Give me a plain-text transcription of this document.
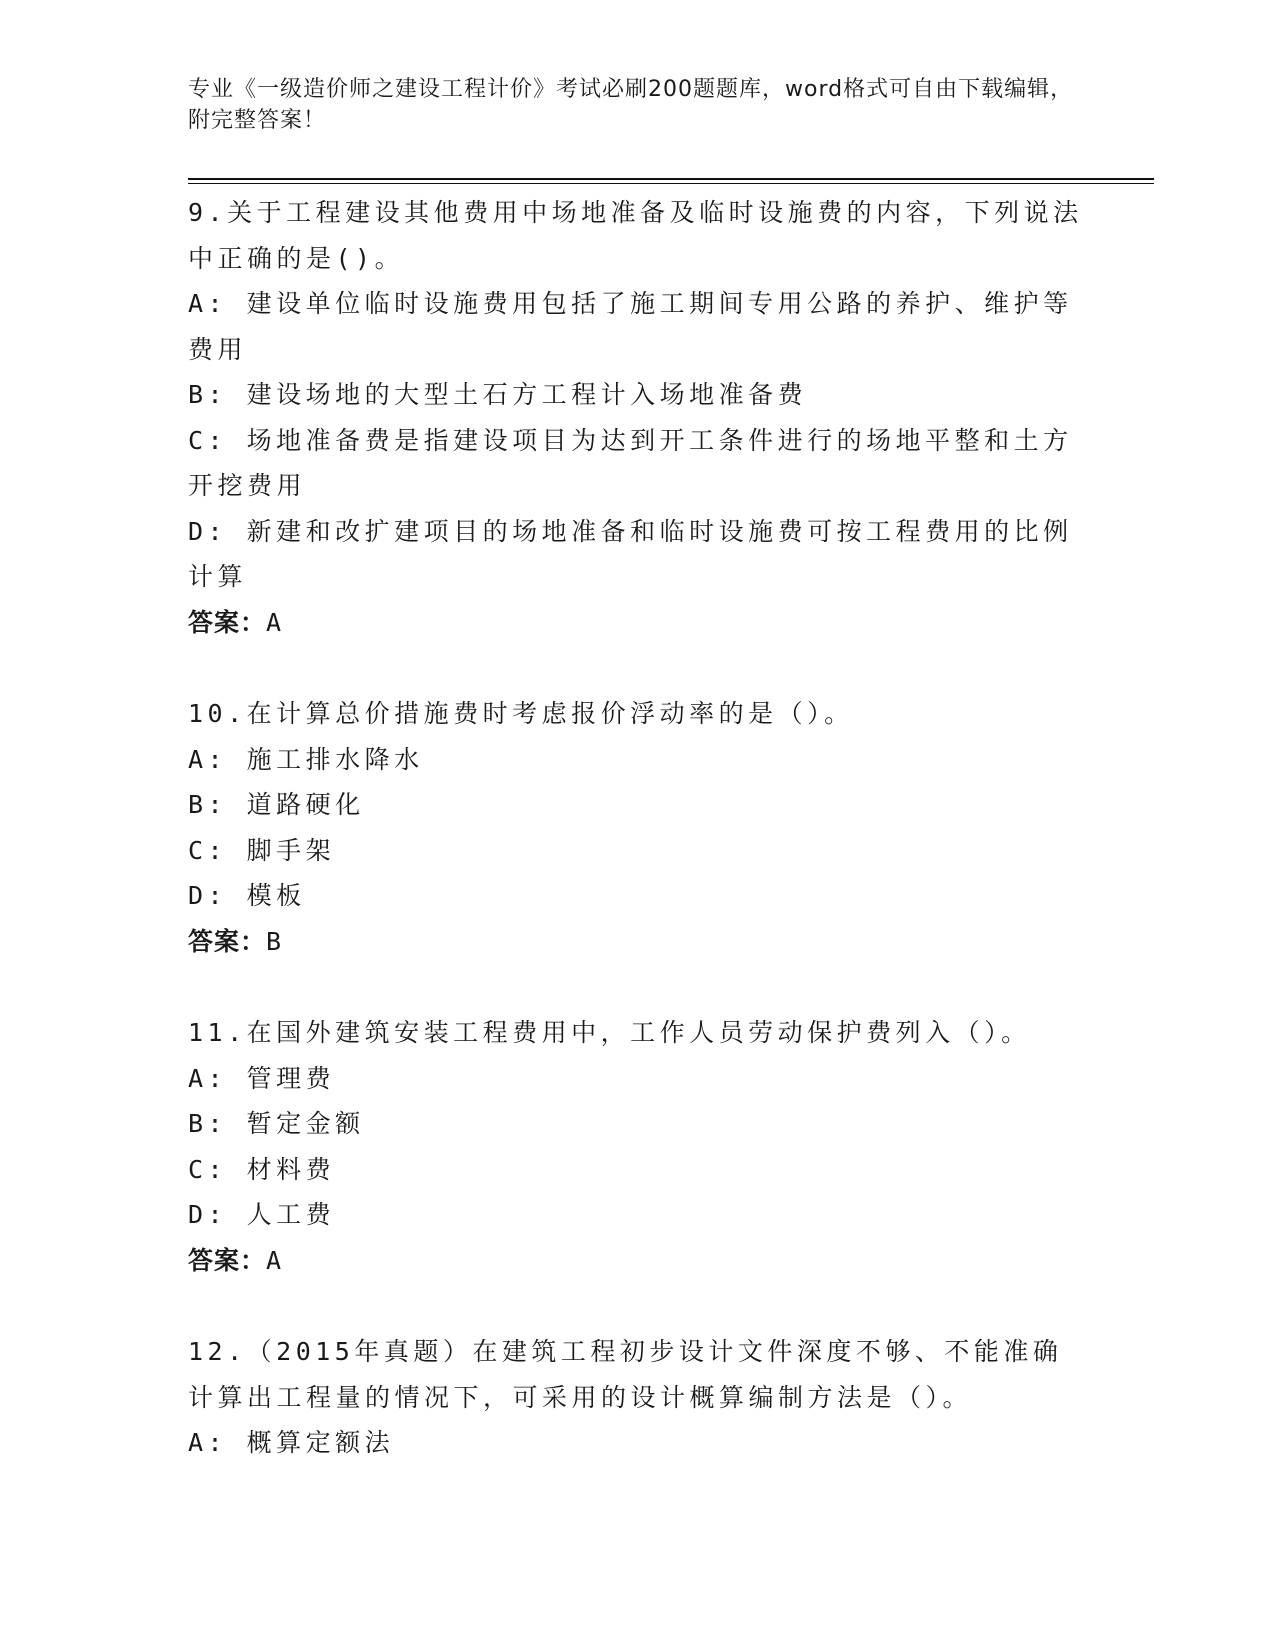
专业《一级造价师之建设工程计价》考试必刷200题题库，word格式可自由下载编辑，附完整答案！
9.关于工程建设其他费用中场地准备及临时设施费的内容，下列说法中正确的是()。
A: 建设单位临时设施费用包括了施工期间专用公路的养护、维护等费用
B: 建设场地的大型土石方工程计入场地准备费
C: 场地准备费是指建设项目为达到开工条件进行的场地平整和土方开挖费用
D: 新建和改扩建项目的场地准备和临时设施费可按工程费用的比例计算
答案：A
10.在计算总价措施费时考虑报价浮动率的是（）。
A: 施工排水降水
B: 道路硬化
C: 脚手架
D: 模板
答案：B
11.在国外建筑安装工程费用中，工作人员劳动保护费列入（）。
A: 管理费
B: 暂定金额
C: 材料费
D: 人工费
答案：A
12.（2015年真题）在建筑工程初步设计文件深度不够、不能准确计算出工程量的情况下，可采用的设计概算编制方法是（）。
A: 概算定额法
